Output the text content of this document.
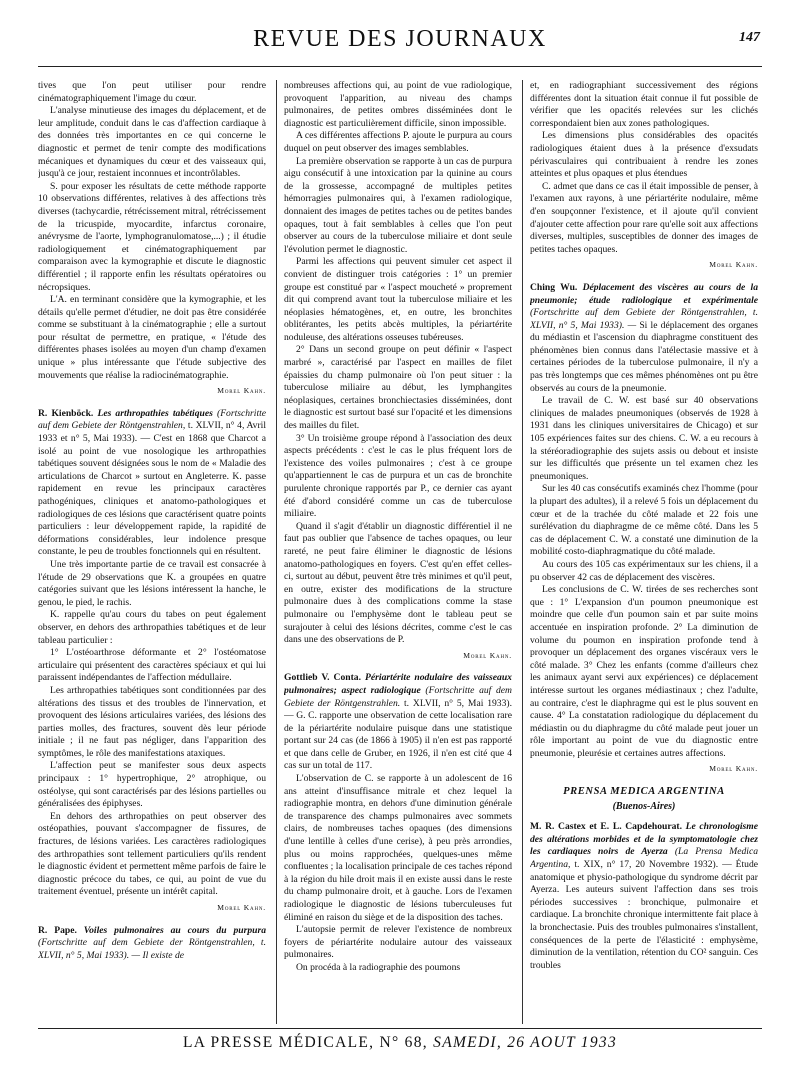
REVUE DES JOURNAUX	147

tives que l'on peut utiliser pour rendre cinématographiquement l'image du cœur.

L'analyse minutieuse des images du déplacement, et de leur amplitude, conduit dans le cas d'affection cardiaque à des données très importantes en ce qui concerne le diagnostic et permet de tenir compte des modifications mécaniques et dynamiques du cœur et des vaisseaux qui, jusqu'à ce jour, restaient inconnues et incontrôlables.

S. pour exposer les résultats de cette méthode rapporte 10 observations différentes, relatives à des affections très diverses (tachycardie, rétrécissement mitral, rétrécissement de la tricuspide, myocardite, infarctus coronaire, anévrysme de l'aorte, lymphogranulomatose,...) ; il étudie radiologiquement et cinématographiquement par comparaison avec la kymographie et discute le diagnostic différentiel ; il rapporte enfin les résultats opératoires ou nécropsiques.

L'A. en terminant considère que la kymographie, et les détails qu'elle permet d'étudier, ne doit pas être considérée comme se substituant à la cinématographie ; elle a surtout pour résultat de permettre, en pratique, « l'étude des différentes phases isolées au moyen d'un champ d'examen unique » plus intéressante que l'étude subjective des mouvements que réalise la radiocinématographie.

Morel Kahn.

R. Kienböck. Les arthropathies tabétiques (Fortschritte auf dem Gebiete der Röntgenstrahlen, t. XLVII, n° 4, Avril 1933 et n° 5, Mai 1933). — C'est en 1868 que Charcot a isolé au point de vue nosologique les arthropathies tabétiques souvent désignées sous le nom de « Maladie des articulations de Charcot » surtout en Angleterre. K. passe rapidement en revue les principaux caractères pathogéniques, cliniques et anatomo-pathologiques et radiologiques de ces lésions que caractérisent quatre points particuliers : leur développement rapide, la rapidité de déformations considérables, leur indolence presque constante, le peu de troubles fonctionnels qui en résultent.

Une très importante partie de ce travail est consacrée à l'étude de 29 observations que K. a groupées en quatre catégories suivant que les lésions intéressent la hanche, le genou, le pied, le rachis.

K. rappelle qu'au cours du tabes on peut également observer, en dehors des arthropathies tabétiques et de leur tableau particulier :

1° L'ostéoarthrose déformante et 2° l'ostéomatose articulaire qui présentent des caractères spéciaux et qui lui paraissent indépendantes de l'affection médullaire.

Les arthropathies tabétiques sont conditionnées par des altérations des tissus et des troubles de l'innervation, et provoquent des lésions articulaires variées, des lésions des parties molles, des fractures, souvent dès leur période initiale ; il ne faut pas négliger, dans l'apparition des symptômes, le rôle des manifestations ataxiques.

L'affection peut se manifester sous deux aspects principaux : 1° hypertrophique, 2° atrophique, ou ostéolyse, qui sont caractérisés par des lésions partielles ou généralisées des épiphyses.

En dehors des arthropathies on peut observer des ostéopathies, pouvant s'accompagner de fissures, de fractures, de lésions variées. Les caractères radiologiques des arthropathies sont tellement particuliers qu'ils rendent le diagnostic évident et permettent même parfois de faire le diagnostic précoce du tabes, ce qui, au point de vue du traitement éventuel, présente un intérêt capital.

Morel Kahn.

R. Pape. Voiles pulmonaires au cours du purpura (Fortschritte auf dem Gebiete der Röntgenstrahlen, t. XLVII, n° 5, Mai 1933). — Il existe de

nombreuses affections qui, au point de vue radiologique, provoquent l'apparition, au niveau des champs pulmonaires, de petites ombres disséminées dont le diagnostic est particulièrement difficile, sinon impossible.

A ces différentes affections P. ajoute le purpura au cours duquel on peut observer des images semblables.

La première observation se rapporte à un cas de purpura aigu consécutif à une intoxication par la quinine au cours de la grossesse, accompagné de multiples petites hémorragies pulmonaires qui, à l'examen radiologique, donnaient des images de petites taches ou de petites bandes opaques, tout à fait semblables à celles que l'on peut observer au cours de la tuberculose miliaire et dont seule l'évolution permet le diagnostic.

Parmi les affections qui peuvent simuler cet aspect il convient de distinguer trois catégories : 1° un premier groupe est constitué par « l'aspect moucheté » proprement dit qui comprend avant tout la tuberculose miliaire et les néoplasies hématogènes, et, en outre, les bronchites oblitérantes, les petits abcès multiples, la périartérite noduleuse, des altérations osseuses tubéreuses.

2° Dans un second groupe on peut définir « l'aspect marbré », caractérisé par l'aspect en mailles de filet épaissies du champ pulmonaire où l'on peut situer : la tuberculose miliaire au début, les lymphangites néoplasiques, certaines bronchiectasies disséminées, dont le diagnostic est surtout basé sur l'opacité et les dimensions des mailles du filet.

3° Un troisième groupe répond à l'association des deux aspects précédents : c'est le cas le plus fréquent lors de l'existence des voiles pulmonaires ; c'est à ce groupe qu'appartiennent le cas de purpura et un cas de bronchite purulente chronique rapportés par P., ce dernier cas ayant été d'abord considéré comme un cas de tuberculose miliaire.

Quand il s'agit d'établir un diagnostic différentiel il ne faut pas oublier que l'absence de taches opaques, ou leur rareté, ne peut faire éliminer le diagnostic de lésions anatomo-pathologiques en foyers. C'est qu'en effet celles-ci, surtout au début, peuvent être très minimes et qu'il peut, en outre, exister des modifications de la structure pulmonaire dues à des complications comme la stase pulmonaire ou l'emphysème dont le tableau peut se surajouter à celui des lésions décrites, comme c'est le cas dans une des observations de P.

Morel Kahn.

Gottlieb V. Conta. Périartérite nodulaire des vaisseaux pulmonaires; aspect radiologique (Fortschritte auf dem Gebiete der Röntgenstrahlen. t. XLVII, n° 5, Mai 1933). — G. C. rapporte une observation de cette localisation rare de la périartérite nodulaire puisque dans une statistique portant sur 24 cas (de 1866 à 1905) il n'en est pas rapporté et que dans celle de Gruber, en 1926, il n'en est cité que 4 cas sur un total de 117.

L'observation de C. se rapporte à un adolescent de 16 ans atteint d'insuffisance mitrale et chez lequel la radiographie montra, en dehors d'une diminution générale de transparence des champs pulmonaires avec sommets clairs, de nombreuses taches opaques (des dimensions d'une lentille à celles d'une cerise), à peu près arrondies, plus ou moins rapprochées, quelques-unes même confluentes ; la localisation principale de ces taches répond à la région du hile droit mais il en existe aussi dans le reste du champ pulmonaire droit, et à gauche. Lors de l'examen radiologique le diagnostic de lésions tuberculeuses fut éliminé en raison du siège et de la disposition des taches.

L'autopsie permit de relever l'existence de nombreux foyers de périartérite nodulaire autour des vaisseaux pulmonaires.

On procéda à la radiographie des poumons

et, en radiographiant successivement des régions différentes dont la situation était connue il fut possible de vérifier que les opacités relevées sur les clichés correspondaient bien aux zones pathologiques.

Les dimensions plus considérables des opacités radiologiques étaient dues à la présence d'exsudats périvasculaires qui contribuaient à rendre les zones atteintes et plus opaques et plus étendues

C. admet que dans ce cas il était impossible de penser, à l'examen aux rayons, à une périartérite nodulaire, même d'en soupçonner l'existence, et il ajoute qu'il convient d'ajouter cette affection pour rare qu'elle soit aux affections diverses, multiples, susceptibles de donner des images de petites taches opaques.

Morel Kahn.

Ching Wu. Déplacement des viscères au cours de la pneumonie; étude radiologique et expérimentale (Fortschritte auf dem Gebiete der Röntgenstrahlen, t. XLVII, n° 5, Mai 1933). — Si le déplacement des organes du médiastin et l'ascension du diaphragme constituent des phénomènes bien connus dans l'atélectasie massive et à certaines périodes de la tuberculose pulmonaire, il n'y a pas très longtemps que ces mêmes phénomènes ont pu être observés au cours de la pneumonie.

Le travail de C. W. est basé sur 40 observations cliniques de malades pneumoniques (observés de 1928 à 1931 dans les cliniques universitaires de Chicago) et sur 105 expériences faites sur des chiens. C. W. a eu recours à la stéréoradiographie des sujets assis ou debout et insiste sur les difficultés que présente un tel examen chez les pneumoniques.

Sur les 40 cas consécutifs examinés chez l'homme (pour la plupart des adultes), il a relevé 5 fois un déplacement du cœur et de la trachée du côté malade et 22 fois une surélévation du diaphragme de ce même côté. Dans les 5 cas de déplacement C. W. a constaté une diminution de la mobilité costo-diaphragmatique du côté malade.

Au cours des 105 cas expérimentaux sur les chiens, il a pu observer 42 cas de déplacement des viscères.

Les conclusions de C. W. tirées de ses recherches sont que : 1° L'expansion d'un poumon pneumonique est moindre que celle d'un poumon sain et par suite moins accentuée en inspiration profonde. 2° La diminution de volume du poumon en inspiration profonde tend à provoquer un déplacement des organes viscéraux vers le côté malade. 3° Chez les enfants (comme d'ailleurs chez les animaux ayant servi aux expériences) ce déplacement intéresse surtout les organes médiastinaux ; chez l'adulte, au contraire, c'est le diaphragme qui est le plus souvent en cause. 4° La constatation radiologique du déplacement du médiastin ou du diaphragme du côté malade peut jouer un rôle important au point de vue du diagnostic entre pneumonie, pleurésie et certaines autres affections.

Morel Kahn.
PRENSA MEDICA ARGENTINA
(Buenos-Aires)

M. R. Castex et E. L. Capdehourat. Le chronologisme des altérations morbides et de la symptomatologie chez les cardiaques noirs de Ayerza (La Prensa Medica Argentina, t. XIX, n° 17, 20 Novembre 1932). — Étude anatomique et physio-pathologique du syndrome décrit par Ayerza. Les auteurs suivent l'affection dans ses trois périodes successives : bronchique, pulmonaire et cardiaque. La bronchite chronique intermittente fait place à la bronchectasie. Puis des troubles pulmonaires s'installent, conséquences de la perte de l'élasticité : emphysème, diminution de la ventilation, rétention du CO² sanguin. Ces troubles

LA PRESSE MÉDICALE, N° 68, SAMEDI, 26 AOUT 1933
